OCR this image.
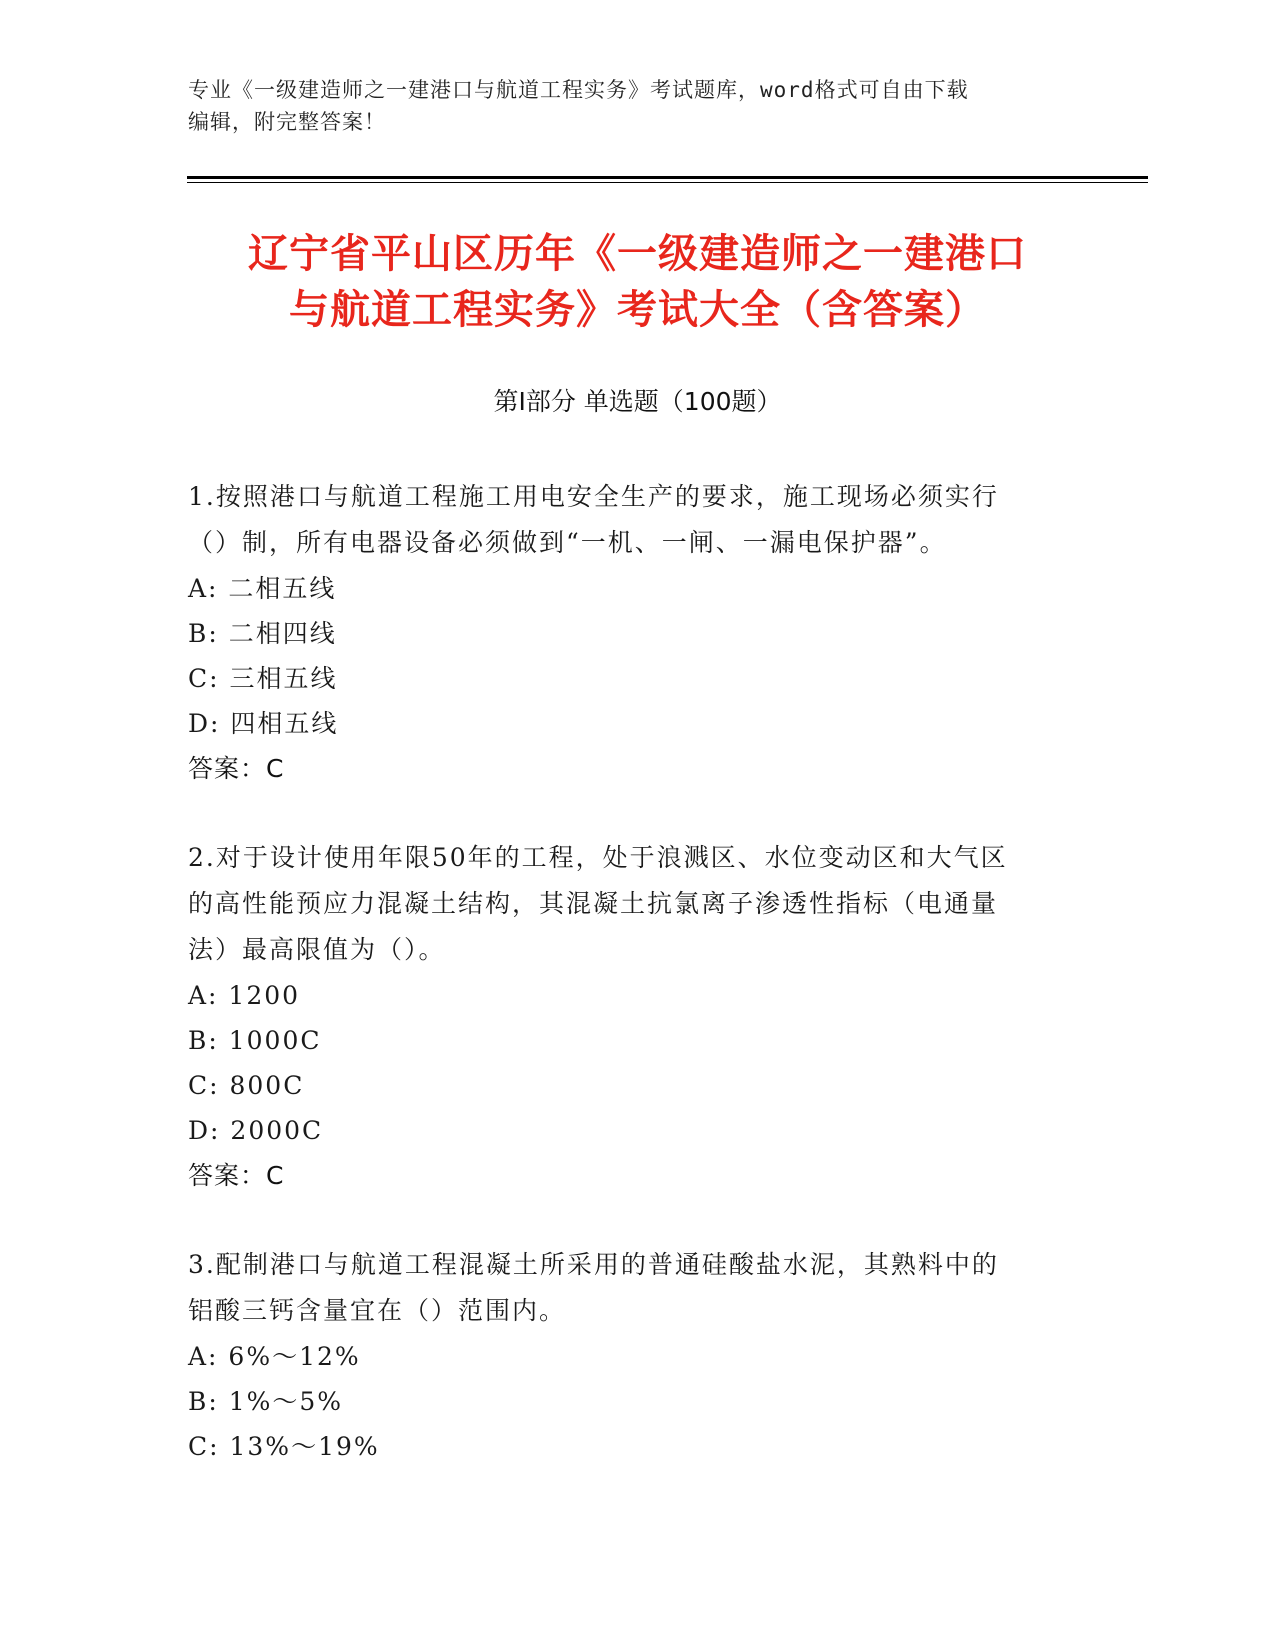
专业《一级建造师之一建港口与航道工程实务》考试题库，word格式可自由下载
编辑，附完整答案！
辽宁省平山区历年《一级建造师之一建港口
与航道工程实务》考试大全（含答案）
第Ⅰ部分 单选题（100题）

1.按照港口与航道工程施工用电安全生产的要求，施工现场必须实行

（）制，所有电器设备必须做到“一机、一闸、一漏电保护器”。

A: 二相五线

B: 二相四线

C: 三相五线

D: 四相五线

答案：C

2.对于设计使用年限50年的工程，处于浪溅区、水位变动区和大气区

的高性能预应力混凝土结构，其混凝土抗氯离子渗透性指标（电通量

法）最高限值为（）。

A: 1200

B: 1000C

C: 800C

D: 2000C

答案：C

3.配制港口与航道工程混凝土所采用的普通硅酸盐水泥，其熟料中的

铝酸三钙含量宜在（）范围内。

A: 6%～12%

B: 1%～5%

C: 13%～19%
